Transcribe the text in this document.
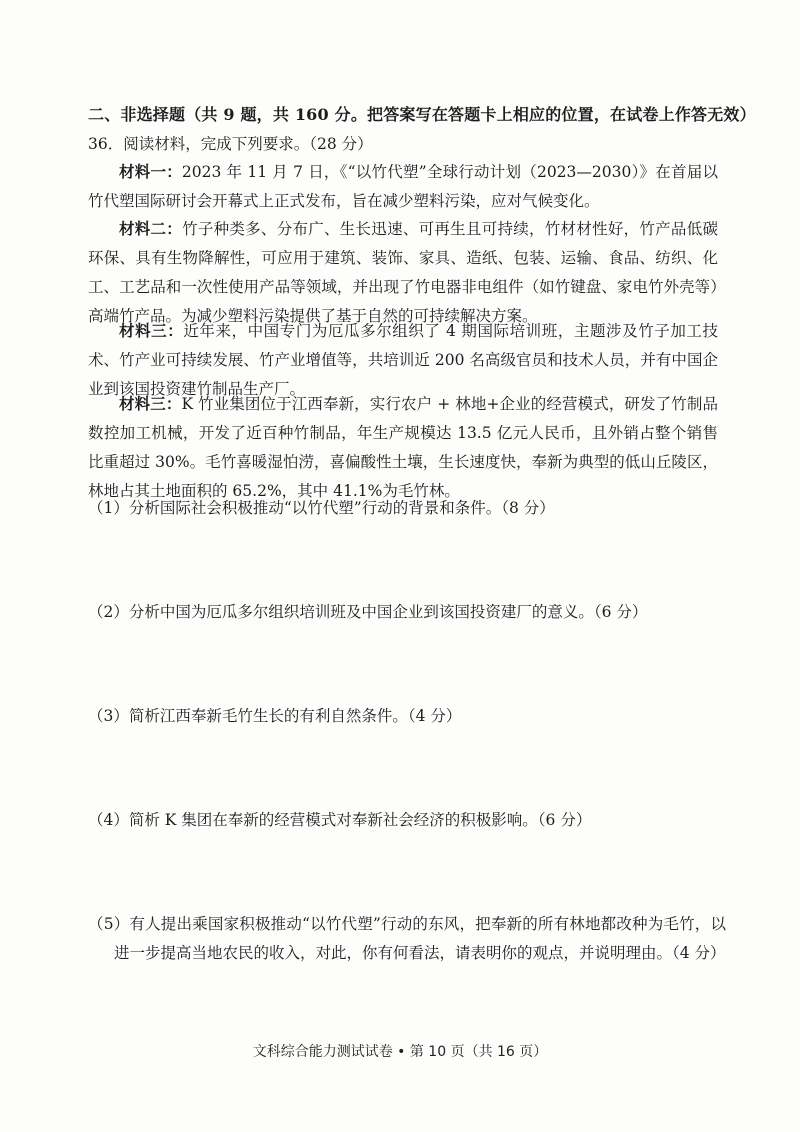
二、非选择题（共 9 题，共 160 分。把答案写在答题卡上相应的位置，在试卷上作答无效）
36．阅读材料，完成下列要求。（28 分）
材料一：2023 年 11 月 7 日，《“以竹代塑”全球行动计划（2023—2030）》在首届以竹代塑国际研讨会开幕式上正式发布，旨在减少塑料污染，应对气候变化。
材料二：竹子种类多、分布广、生长迅速、可再生且可持续，竹材材性好，竹产品低碳环保、具有生物降解性，可应用于建筑、装饰、家具、造纸、包装、运输、食品、纺织、化工、工艺品和一次性使用产品等领域，并出现了竹电器非电组件（如竹键盘、家电竹外壳等）高端竹产品。为减少塑料污染提供了基于自然的可持续解决方案。
材料三：近年来，中国专门为厄瓜多尔组织了 4 期国际培训班，主题涉及竹子加工技术、竹产业可持续发展、竹产业增值等，共培训近 200 名高级官员和技术人员，并有中国企业到该国投资建竹制品生产厂。
材料三：K 竹业集团位于江西奉新，实行农户 + 林地+企业的经营模式，研发了竹制品数控加工机械，开发了近百种竹制品，年生产规模达 13.5 亿元人民币，且外销占整个销售比重超过 30%。毛竹喜暖湿怕涝，喜偏酸性土壤，生长速度快，奉新为典型的低山丘陵区，林地占其土地面积的 65.2%，其中 41.1%为毛竹林。
（1）分析国际社会积极推动“以竹代塑”行动的背景和条件。（8 分）
（2）分析中国为厄瓜多尔组织培训班及中国企业到该国投资建厂的意义。（6 分）
（3）简析江西奉新毛竹生长的有利自然条件。（4 分）
（4）简析 K 集团在奉新的经营模式对奉新社会经济的积极影响。（6 分）
（5）有人提出乘国家积极推动“以竹代塑”行动的东风，把奉新的所有林地都改种为毛竹，以进一步提高当地农民的收入，对此，你有何看法，请表明你的观点，并说明理由。（4 分）
文科综合能力测试试卷 • 第 10 页（共 16 页）
